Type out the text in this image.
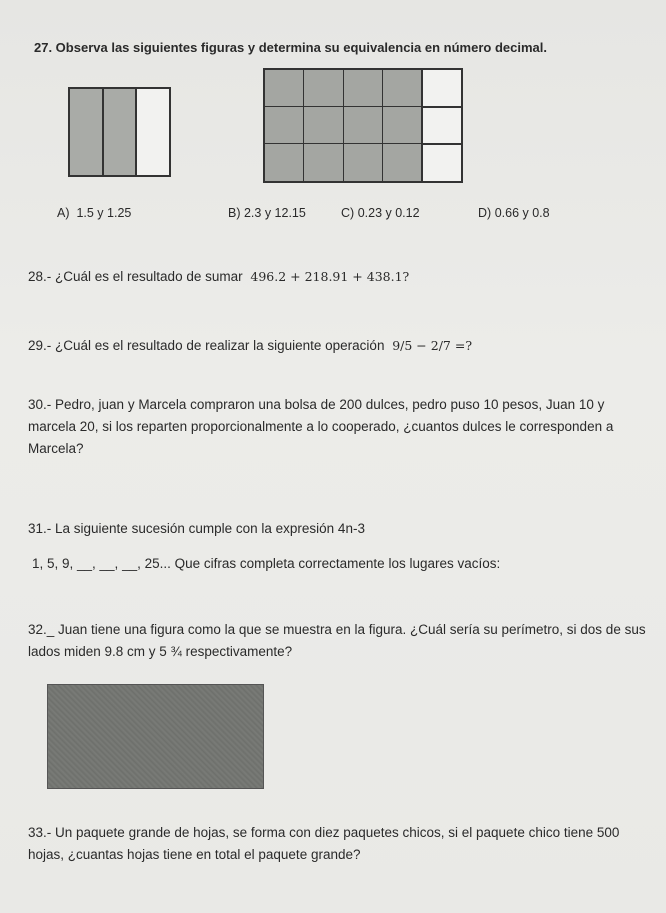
27. Observa las siguientes figuras y determina su equivalencia en número decimal.
A) 1.5 y 1.25	B) 2.3 y 12.15	C) 0.23 y 0.12	D) 0.66 y 0.8
28.- ¿Cuál es el resultado de sumar 496.2 + 218.91 + 438.1?
29.- ¿Cuál es el resultado de realizar la siguiente operación 9/5 − 2/7 =?
30.- Pedro, juan y Marcela compraron una bolsa de 200 dulces, pedro puso 10 pesos, Juan 10 y marcela 20, si los reparten proporcionalmente a lo cooperado, ¿cuantos dulces le corresponden a Marcela?
31.- La siguiente sucesión cumple con la expresión 4n-3
1, 5, 9, __, __, __, 25... Que cifras completa correctamente los lugares vacíos:
32._ Juan tiene una figura como la que se muestra en la figura. ¿Cuál sería su perímetro, si dos de sus lados miden 9.8 cm y 5 ¾ respectivamente?
33.- Un paquete grande de hojas, se forma con diez paquetes chicos, si el paquete chico tiene 500 hojas, ¿cuantas hojas tiene en total el paquete grande?
